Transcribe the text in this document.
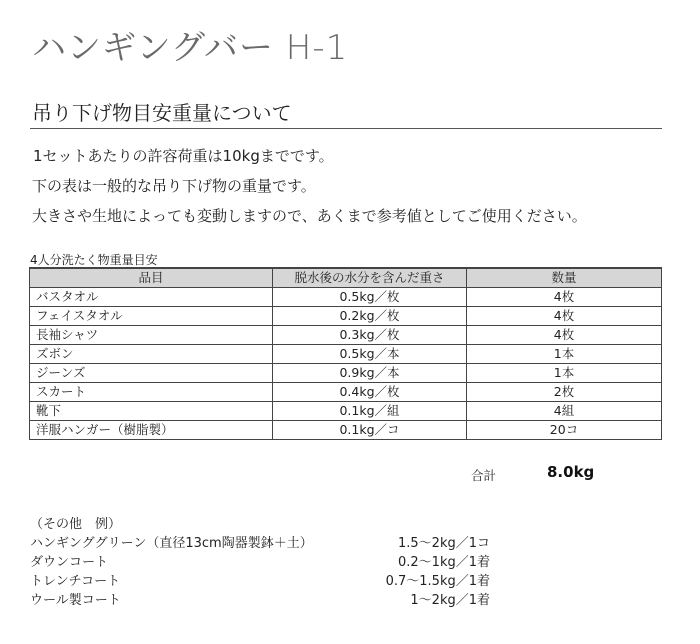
ハンギングバー H-1
吊り下げ物目安重量について
1セットあたりの許容荷重は10kgまでです。
下の表は一般的な吊り下げ物の重量です。
大きさや生地によっても変動しますので、あくまで参考値としてご使用ください。
4人分洗たく物重量目安
品目	脱水後の水分を含んだ重さ	数量
バスタオル	0.5kg／枚	4枚
フェイスタオル	0.2kg／枚	4枚
長袖シャツ	0.3kg／枚	4枚
ズボン	0.5kg／本	1本
ジーンズ	0.9kg／本	1本
スカート	0.4kg／枚	2枚
靴下	0.1kg／組	4組
洋服ハンガー（樹脂製）	0.1kg／コ	20コ
合計	8.0kg
（その他　例）
ハンギンググリーン（直径13cm陶器製鉢＋土）	1.5～2kg／1コ
ダウンコート	0.2～1kg／1着
トレンチコート	0.7～1.5kg／1着
ウール製コート	1～2kg／1着
